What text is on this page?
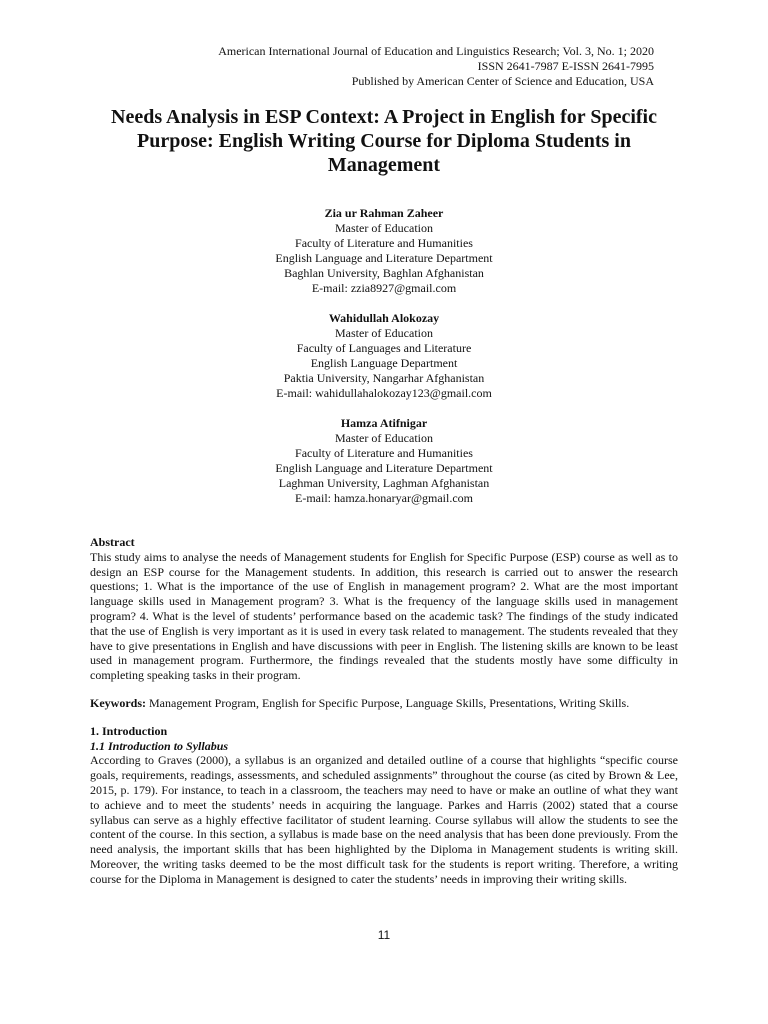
American International Journal of Education and Linguistics Research; Vol. 3, No. 1; 2020
ISSN 2641-7987 E-ISSN 2641-7995
Published by American Center of Science and Education, USA
Needs Analysis in ESP Context: A Project in English for Specific Purpose: English Writing Course for Diploma Students in Management
Zia ur Rahman Zaheer
Master of Education
Faculty of Literature and Humanities
English Language and Literature Department
Baghlan University, Baghlan Afghanistan
E-mail: zzia8927@gmail.com
Wahidullah Alokozay
Master of Education
Faculty of Languages and Literature
English Language Department
Paktia University, Nangarhar Afghanistan
E-mail: wahidullahalokozay123@gmail.com
Hamza Atifnigar
Master of Education
Faculty of Literature and Humanities
English Language and Literature Department
Laghman University, Laghman Afghanistan
E-mail: hamza.honaryar@gmail.com
Abstract

This study aims to analyse the needs of Management students for English for Specific Purpose (ESP) course as well as to design an ESP course for the Management students. In addition, this research is carried out to answer the research questions; 1. What is the importance of the use of English in management program? 2. What are the most important language skills used in Management program? 3. What is the frequency of the language skills used in management program? 4. What is the level of students’ performance based on the academic task? The findings of the study indicated that the use of English is very important as it is used in every task related to management. The students revealed that they have to give presentations in English and have discussions with peer in English. The listening skills are known to be least used in management program. Furthermore, the findings revealed that the students mostly have some difficulty in completing speaking tasks in their program.

Keywords: Management Program, English for Specific Purpose, Language Skills, Presentations, Writing Skills.

1. Introduction
1.1 Introduction to Syllabus

According to Graves (2000), a syllabus is an organized and detailed outline of a course that highlights “specific course goals, requirements, readings, assessments, and scheduled assignments” throughout the course (as cited by Brown & Lee, 2015, p. 179). For instance, to teach in a classroom, the teachers may need to have or make an outline of what they want to achieve and to meet the students’ needs in acquiring the language. Parkes and Harris (2002) stated that a course syllabus can serve as a highly effective facilitator of student learning. Course syllabus will allow the students to see the content of the course. In this section, a syllabus is made base on the need analysis that has been done previously. From the need analysis, the important skills that has been highlighted by the Diploma in Management students is writing skill. Moreover, the writing tasks deemed to be the most difficult task for the students is report writing. Therefore, a writing course for the Diploma in Management is designed to cater the students’ needs in improving their writing skills.

11
